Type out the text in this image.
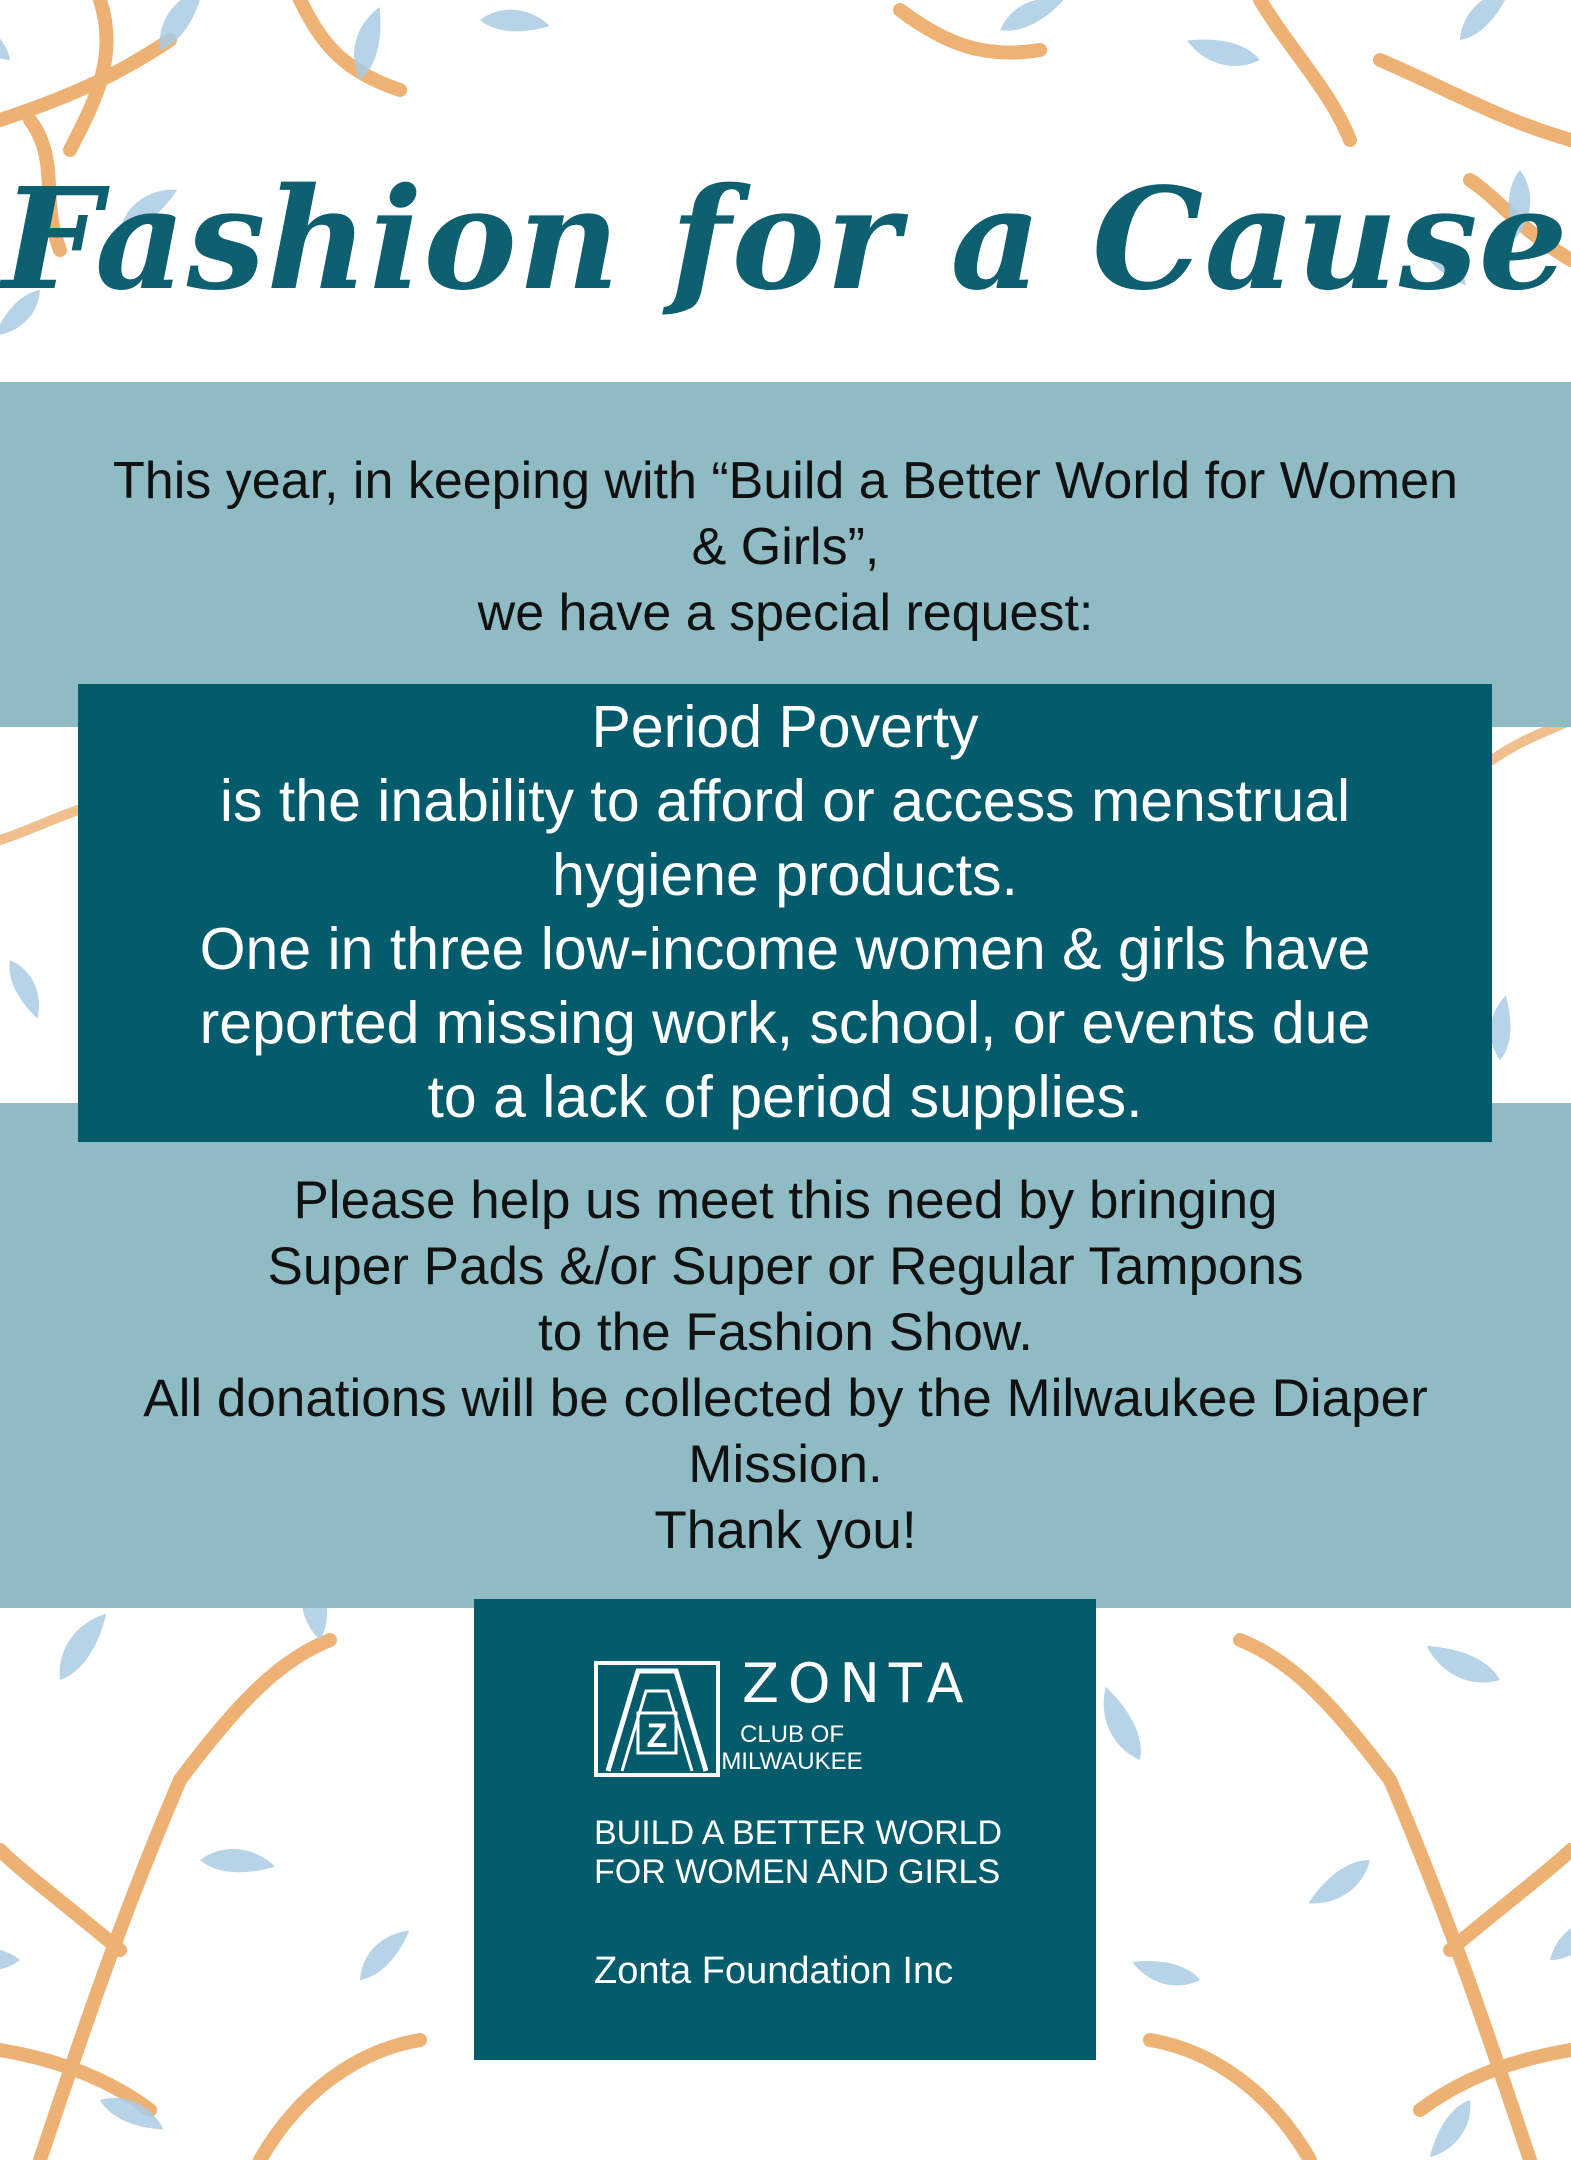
Fashion for a Cause
This year, in keeping with “Build a Better World for Women
& Girls”,
we have a special request:
Period Poverty
is the inability to afford or access menstrual
hygiene products.
One in three low-income women & girls have
reported missing work, school, or events due
to a lack of period supplies.
Please help us meet this need by bringing
Super Pads &/or Super or Regular Tampons
to the Fashion Show.
All donations will be collected by the Milwaukee Diaper
Mission.
Thank you!
Z
ZONTA
CLUB OF
MILWAUKEE
BUILD A BETTER WORLD
FOR WOMEN AND GIRLS
Zonta Foundation Inc
